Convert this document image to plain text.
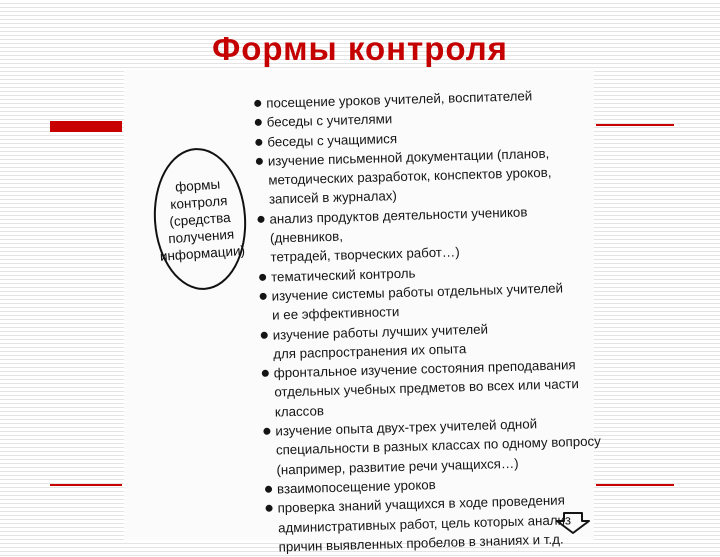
Формы контроля
формы
контроля
(средства
получения
информации)
посещение уроков учителей, воспитателей
беседы с учителями
беседы с учащимися
изучение письменной документации (планов,
методических разработок, конспектов уроков,
записей в журналах)
анализ продуктов деятельности учеников (дневников,
тетрадей, творческих работ…)
тематический контроль
изучение системы работы отдельных учителей
и ее эффективности
изучение работы лучших учителей
для распространения их опыта
фронтальное изучение состояния преподавания
отдельных учебных предметов во всех или части
классов
изучение опыта двух-трех учителей одной
специальности в разных классах по одному вопросу
(например, развитие речи учащихся…)
взаимопосещение уроков
проверка знаний учащихся в ходе проведения
административных работ, цель которых анализ
причин выявленных пробелов в знаниях и т.д.
